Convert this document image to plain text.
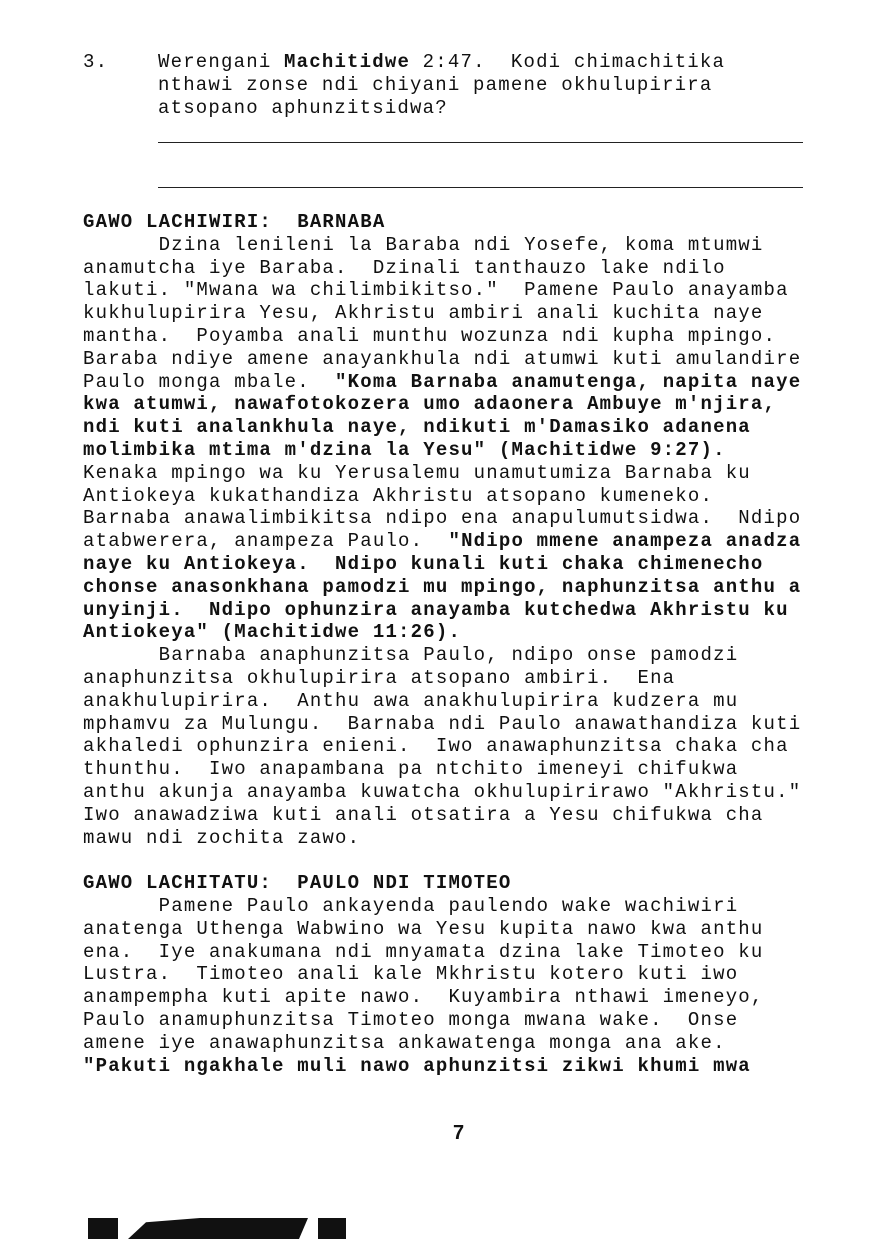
3.	Werengani Machitidwe 2:47.  Kodi chimachitika
nthawi zonse ndi chiyani pamene okhulupirira
atsopano aphunzitsidwa?
GAWO LACHIWIRI:  BARNABA
Dzina lenileni la Baraba ndi Yosefe, koma mtumwi
anamutcha iye Baraba.  Dzinali tanthauzo lake ndilo
lakuti. "Mwana wa chilimbikitso."  Pamene Paulo anayamba
kukhulupirira Yesu, Akhristu ambiri anali kuchita naye
mantha.  Poyamba anali munthu wozunza ndi kupha mpingo.
Baraba ndiye amene anayankhula ndi atumwi kuti amulandire
Paulo monga mbale.  "Koma Barnaba anamutenga, napita naye
kwa atumwi, nawafotokozera umo adaonera Ambuye m'njira,
ndi kuti analankhula naye, ndikuti m'Damasiko adanena
molimbika mtima m'dzina la Yesu" (Machitidwe 9:27).
Kenaka mpingo wa ku Yerusalemu unamutumiza Barnaba ku
Antiokeya kukathandiza Akhristu atsopano kumeneko.
Barnaba anawalimbikitsa ndipo ena anapulumutsidwa.  Ndipo
atabwerera, anampeza Paulo.  "Ndipo mmene anampeza anadza
naye ku Antiokeya.  Ndipo kunali kuti chaka chimenecho
chonse anasonkhana pamodzi mu mpingo, naphunzitsa anthu a
unyinji.  Ndipo ophunzira anayamba kutchedwa Akhristu ku
Antiokeya" (Machitidwe 11:26).
Barnaba anaphunzitsa Paulo, ndipo onse pamodzi
anaphunzitsa okhulupirira atsopano ambiri.  Ena
anakhulupirira.  Anthu awa anakhulupirira kudzera mu
mphamvu za Mulungu.  Barnaba ndi Paulo anawathandiza kuti
akhaledi ophunzira enieni.  Iwo anawaphunzitsa chaka cha
thunthu.  Iwo anapambana pa ntchito imeneyi chifukwa
anthu akunja anayamba kuwatcha okhulupirirawo "Akhristu."
Iwo anawadziwa kuti anali otsatira a Yesu chifukwa cha
mawu ndi zochita zawo.
GAWO LACHITATU:  PAULO NDI TIMOTEO
Pamene Paulo ankayenda paulendo wake wachiwiri
anatenga Uthenga Wabwino wa Yesu kupita nawo kwa anthu
ena.  Iye anakumana ndi mnyamata dzina lake Timoteo ku
Lustra.  Timoteo anali kale Mkhristu kotero kuti iwo
anampempha kuti apite nawo.  Kuyambira nthawi imeneyo,
Paulo anamuphunzitsa Timoteo monga mwana wake.  Onse
amene iye anawaphunzitsa ankawatenga monga ana ake.
"Pakuti ngakhale muli nawo aphunzitsi zikwi khumi mwa
7
